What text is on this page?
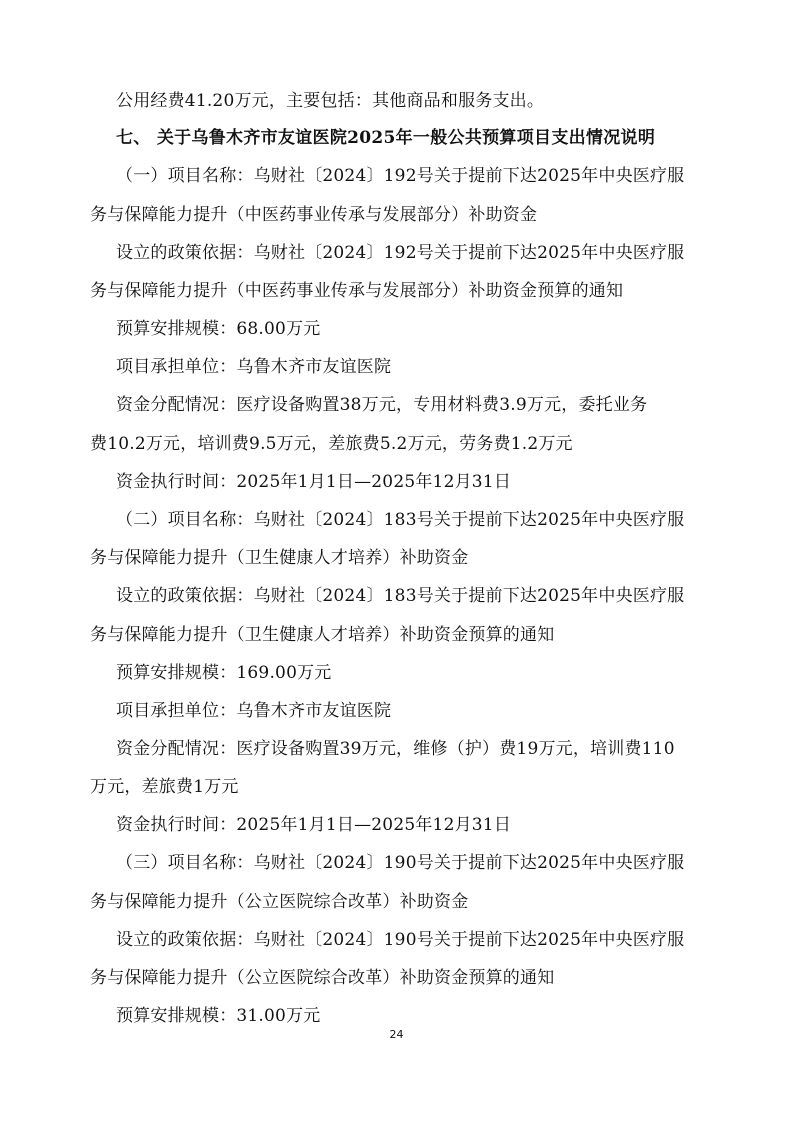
公用经费41.20万元，主要包括：其他商品和服务支出。
七、 关于乌鲁木齐市友谊医院2025年一般公共预算项目支出情况说明
（一）项目名称：乌财社〔2024〕192号关于提前下达2025年中央医疗服
务与保障能力提升（中医药事业传承与发展部分）补助资金
设立的政策依据：乌财社〔2024〕192号关于提前下达2025年中央医疗服
务与保障能力提升（中医药事业传承与发展部分）补助资金预算的通知
预算安排规模：68.00万元
项目承担单位：乌鲁木齐市友谊医院
资金分配情况：医疗设备购置38万元，专用材料费3.9万元，委托业务
费10.2万元，培训费9.5万元，差旅费5.2万元，劳务费1.2万元
资金执行时间：2025年1月1日—2025年12月31日
（二）项目名称：乌财社〔2024〕183号关于提前下达2025年中央医疗服
务与保障能力提升（卫生健康人才培养）补助资金
设立的政策依据：乌财社〔2024〕183号关于提前下达2025年中央医疗服
务与保障能力提升（卫生健康人才培养）补助资金预算的通知
预算安排规模：169.00万元
项目承担单位：乌鲁木齐市友谊医院
资金分配情况：医疗设备购置39万元，维修（护）费19万元，培训费110
万元，差旅费1万元
资金执行时间：2025年1月1日—2025年12月31日
（三）项目名称：乌财社〔2024〕190号关于提前下达2025年中央医疗服
务与保障能力提升（公立医院综合改革）补助资金
设立的政策依据：乌财社〔2024〕190号关于提前下达2025年中央医疗服
务与保障能力提升（公立医院综合改革）补助资金预算的通知
预算安排规模：31.00万元
24
